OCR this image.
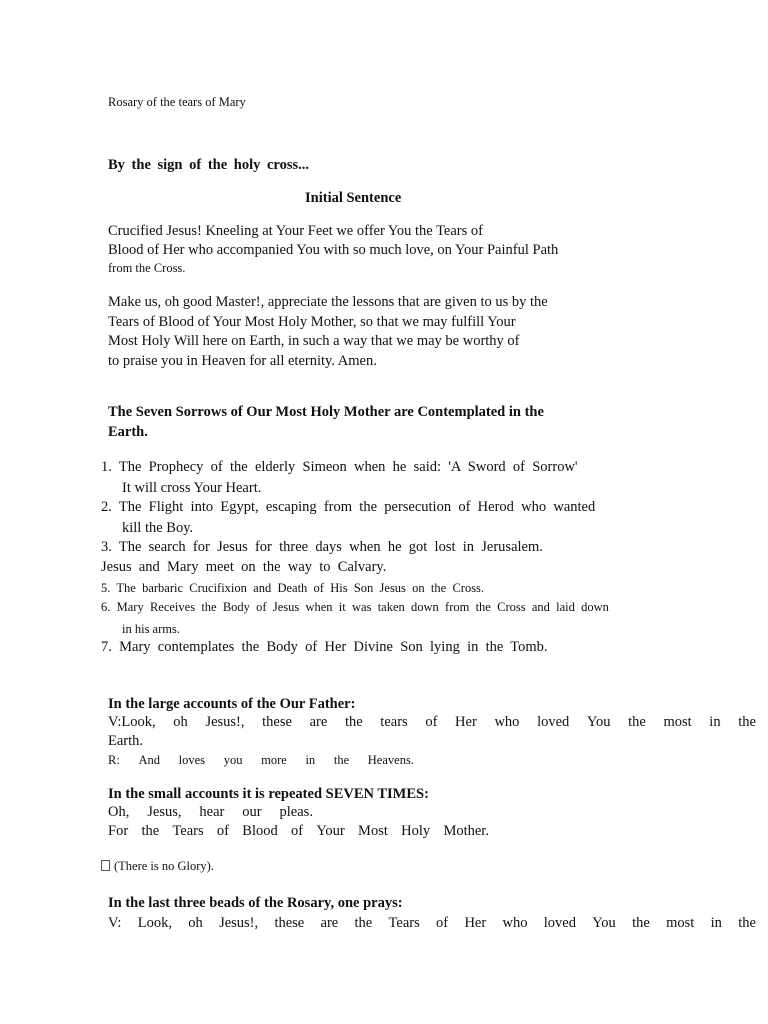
Rosary of the tears of Mary
By the sign of the holy cross...
Initial Sentence
Crucified Jesus! Kneeling at Your Feet we offer You the Tears of
Blood of Her who accompanied You with so much love, on Your Painful Path
from the Cross.
Make us, oh good Master!, appreciate the lessons that are given to us by the
Tears of Blood of Your Most Holy Mother, so that we may fulfill Your
Most Holy Will here on Earth, in such a way that we may be worthy of
to praise you in Heaven for all eternity. Amen.
The Seven Sorrows of Our Most Holy Mother are Contemplated in the
Earth.
1.  The  Prophecy  of  the  elderly  Simeon  when  he  said:  'A  Sword  of  Sorrow'
It will cross Your Heart.
2.  The  Flight  into  Egypt,  escaping  from  the  persecution  of  Herod  who  wanted
kill the Boy.
3.  The  search  for  Jesus  for  three  days  when  he  got  lost  in  Jerusalem.
Jesus  and  Mary  meet  on  the  way  to  Calvary.
5.  The  barbaric  Crucifixion  and  Death  of  His  Son  Jesus  on  the  Cross.
6.  Mary  Receives  the  Body  of  Jesus  when  it  was  taken  down  from  the  Cross  and  laid  down
in his arms.
7.  Mary  contemplates  the  Body  of  Her  Divine  Son  lying  in  the  Tomb.
In the large accounts of the Our Father:
V:Look, oh Jesus!, these are the tears of Her who loved You the most in the
Earth.
R: And loves you more in the Heavens.
In the small accounts it is repeated SEVEN TIMES:
Oh, Jesus, hear our pleas.
For the Tears of Blood of Your Most Holy Mother.
(There is no Glory).
In the last three beads of the Rosary, one prays:
V: Look, oh Jesus!, these are the Tears of Her who loved You the most in the
